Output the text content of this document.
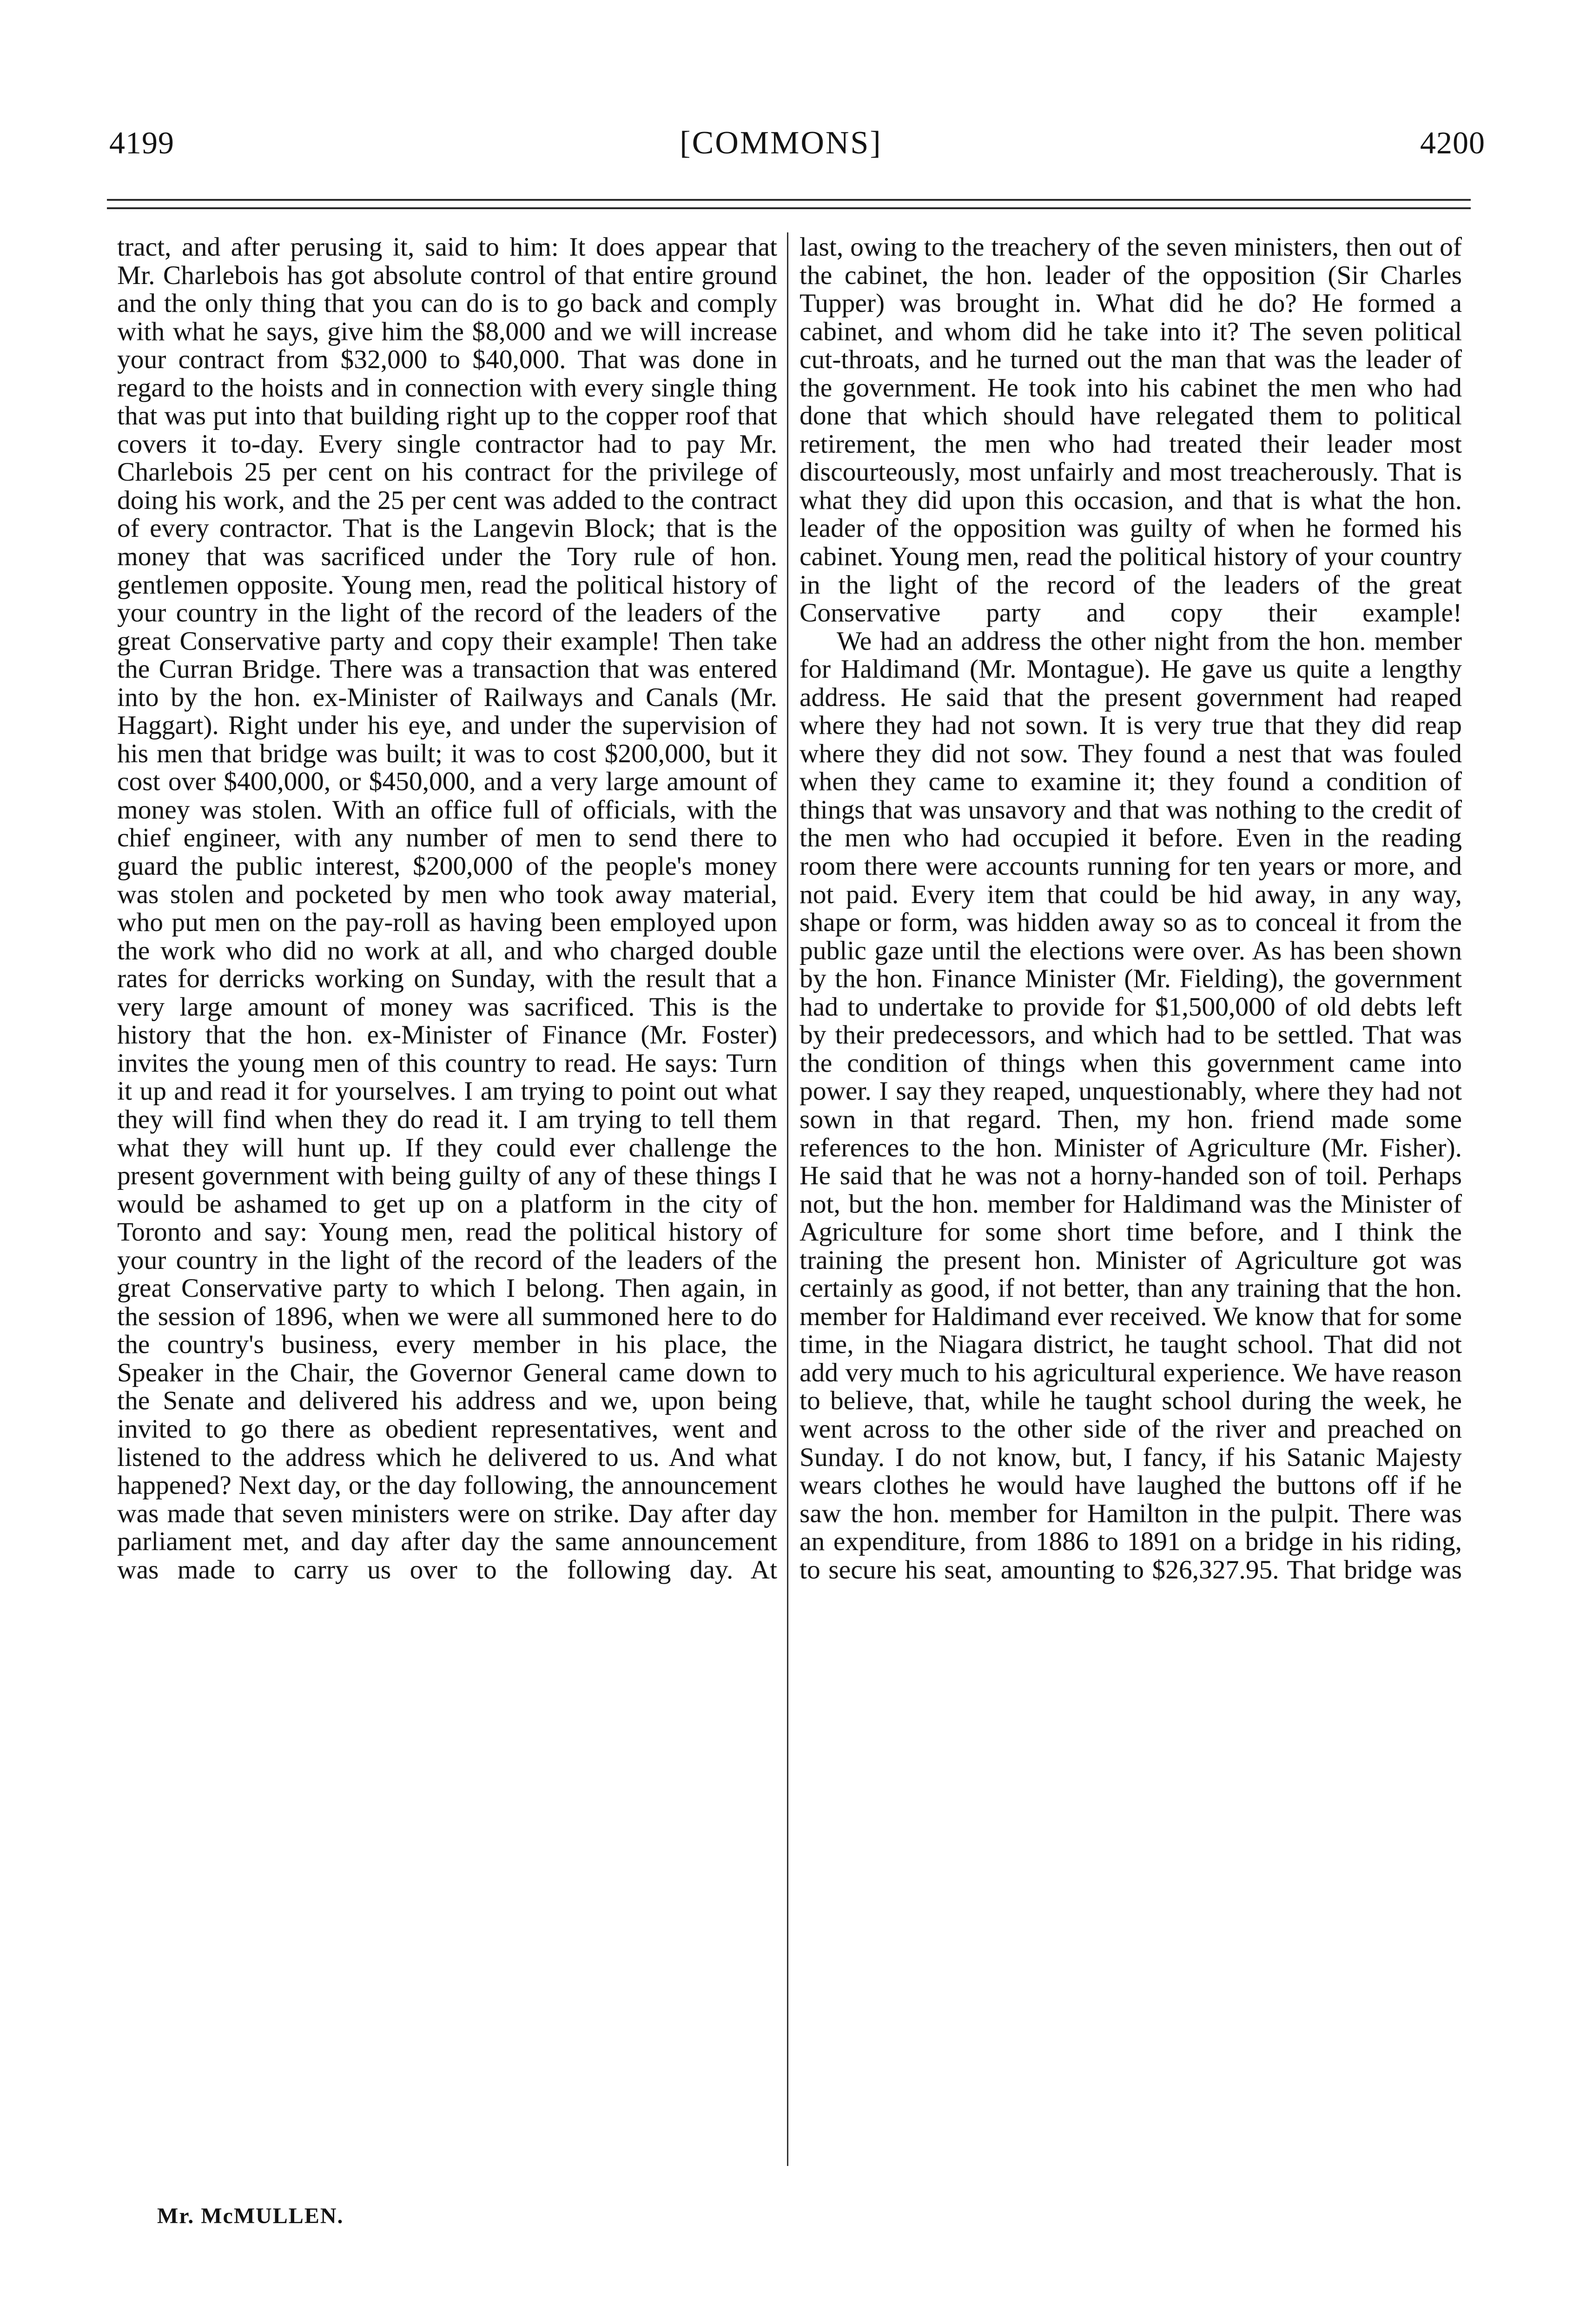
4199	[COMMONS]	4200

tract, and after perusing it, said to him: It does appear that Mr. Charlebois has got absolute control of that entire ground and the only thing that you can do is to go back and comply with what he says, give him the $8,000 and we will increase your contract from $32,000 to $40,000. That was done in regard to the hoists and in connection with every single thing that was put into that building right up to the copper roof that covers it to-day. Every single contractor had to pay Mr. Charlebois 25 per cent on his contract for the privilege of doing his work, and the 25 per cent was added to the contract of every contractor. That is the Langevin Block; that is the money that was sacrificed under the Tory rule of hon. gentlemen opposite. Young men, read the political history of your country in the light of the record of the leaders of the great Conservative party and copy their example! Then take the Curran Bridge. There was a transaction that was entered into by the hon. ex-Minister of Railways and Canals (Mr. Haggart). Right under his eye, and under the supervision of his men that bridge was built; it was to cost $200,000, but it cost over $400,000, or $450,000, and a very large amount of money was stolen. With an office full of officials, with the chief engineer, with any number of men to send there to guard the public interest, $200,000 of the people's money was stolen and pocketed by men who took away material, who put men on the pay-roll as having been employed upon the work who did no work at all, and who charged double rates for derricks working on Sunday, with the result that a very large amount of money was sacrificed. This is the history that the hon. ex-Minister of Finance (Mr. Foster) invites the young men of this country to read. He says: Turn it up and read it for yourselves. I am trying to point out what they will find when they do read it. I am trying to tell them what they will hunt up. If they could ever challenge the present government with being guilty of any of these things I would be ashamed to get up on a platform in the city of Toronto and say: Young men, read the political history of your country in the light of the record of the leaders of the great Conservative party to which I belong. Then again, in the session of 1896, when we were all summoned here to do the country's business, every member in his place, the Speaker in the Chair, the Governor General came down to the Senate and delivered his address and we, upon being invited to go there as obedient representatives, went and listened to the address which he delivered to us. And what happened? Next day, or the day following, the announcement was made that seven ministers were on strike. Day after day parliament met, and day after day the same announcement was made to carry us over to the following day. At

last, owing to the treachery of the seven ministers, then out of the cabinet, the hon. leader of the opposition (Sir Charles Tupper) was brought in. What did he do? He formed a cabinet, and whom did he take into it? The seven political cut-throats, and he turned out the man that was the leader of the government. He took into his cabinet the men who had done that which should have relegated them to political retirement, the men who had treated their leader most discourteously, most unfairly and most treacherously. That is what they did upon this occasion, and that is what the hon. leader of the opposition was guilty of when he formed his cabinet. Young men, read the political history of your country in the light of the record of the leaders of the great Conservative party and copy their example!

We had an address the other night from the hon. member for Haldimand (Mr. Montague). He gave us quite a lengthy address. He said that the present government had reaped where they had not sown. It is very true that they did reap where they did not sow. They found a nest that was fouled when they came to examine it; they found a condition of things that was unsavory and that was nothing to the credit of the men who had occupied it before. Even in the reading room there were accounts running for ten years or more, and not paid. Every item that could be hid away, in any way, shape or form, was hidden away so as to conceal it from the public gaze until the elections were over. As has been shown by the hon. Finance Minister (Mr. Fielding), the government had to undertake to provide for $1,500,000 of old debts left by their predecessors, and which had to be settled. That was the condition of things when this government came into power. I say they reaped, unquestionably, where they had not sown in that regard. Then, my hon. friend made some references to the hon. Minister of Agriculture (Mr. Fisher). He said that he was not a horny-handed son of toil. Perhaps not, but the hon. member for Haldimand was the Minister of Agriculture for some short time before, and I think the training the present hon. Minister of Agriculture got was certainly as good, if not better, than any training that the hon. member for Haldimand ever received. We know that for some time, in the Niagara district, he taught school. That did not add very much to his agricultural experience. We have reason to believe, that, while he taught school during the week, he went across to the other side of the river and preached on Sunday. I do not know, but, I fancy, if his Satanic Majesty wears clothes he would have laughed the buttons off if he saw the hon. member for Hamilton in the pulpit. There was an expenditure, from 1886 to 1891 on a bridge in his riding, to secure his seat, amounting to $26,327.95. That bridge was

Mr. McMULLEN.
